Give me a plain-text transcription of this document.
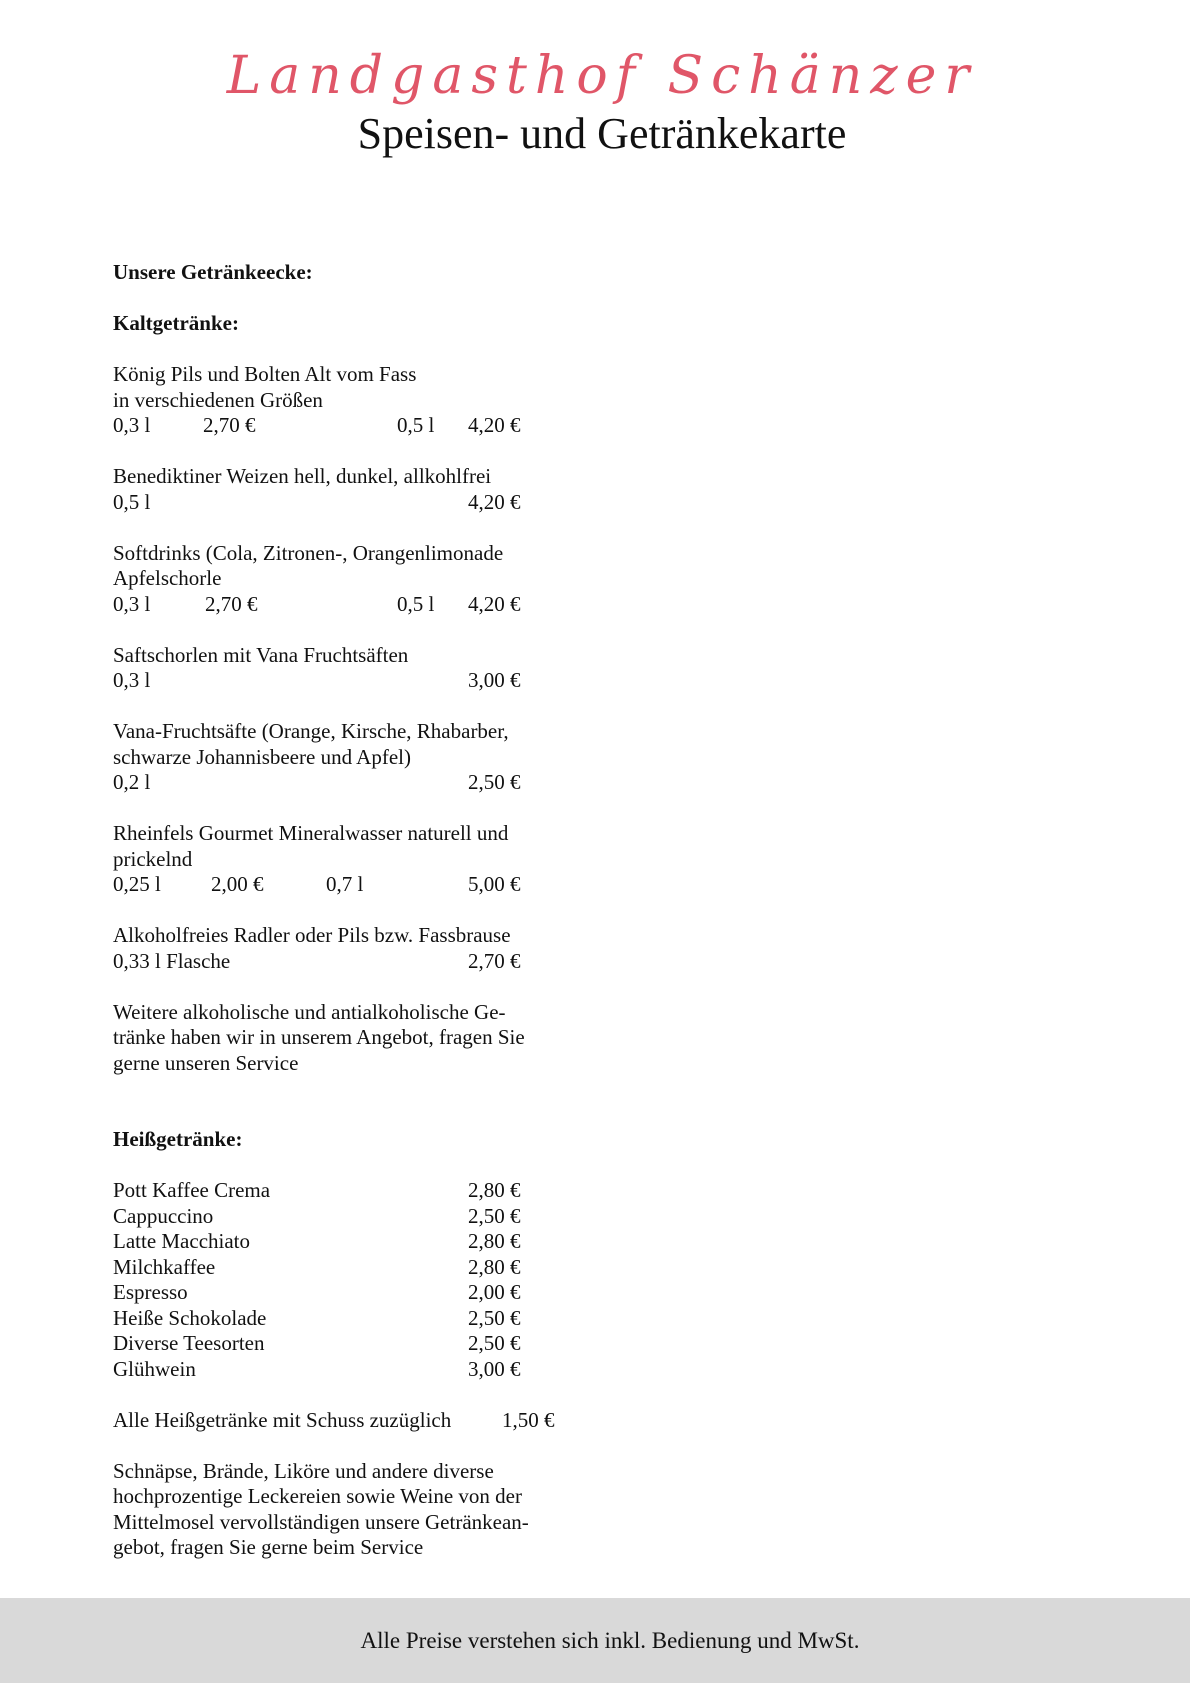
Landgasthof Schänzer
Speisen- und Getränkekarte
Unsere Getränkeecke:
Kaltgetränke:
König Pils und Bolten Alt vom Fass
in verschiedenen Größen
0,3 l	2,70 €	0,5 l 4,20 €
Benediktiner Weizen hell, dunkel, allkohlfrei
0,5 l	4,20 €
Softdrinks (Cola, Zitronen-, Orangenlimonade
Apfelschorle
0,3 l	2,70 €	0,5 l 4,20 €
Saftschorlen mit Vana Fruchtsäften
0,3 l	3,00 €
Vana-Fruchtsäfte (Orange, Kirsche, Rhabarber,
schwarze Johannisbeere und Apfel)
0,2 l	2,50 €
Rheinfels Gourmet Mineralwasser naturell und
prickelnd
0,25 l 2,00 €	0,7 l	5,00 €
Alkoholfreies Radler oder Pils bzw. Fassbrause
0,33 l Flasche	2,70 €
Weitere alkoholische und antialkoholische Ge-
tränke haben wir in unserem Angebot, fragen Sie
gerne unseren Service
Heißgetränke:
Pott Kaffee Crema	2,80 €
Cappuccino	2,50 €
Latte Macchiato	2,80 €
Milchkaffee	2,80 €
Espresso	2,00 €
Heiße Schokolade	2,50 €
Diverse Teesorten	2,50 €
Glühwein	3,00 €
Alle Heißgetränke mit Schuss zuzüglich 1,50 €
Schnäpse, Brände, Liköre und andere diverse
hochprozentige Leckereien sowie Weine von der
Mittelmosel vervollständigen unsere Getränkean-
gebot, fragen Sie gerne beim Service
Alle Preise verstehen sich inkl. Bedienung und MwSt.
